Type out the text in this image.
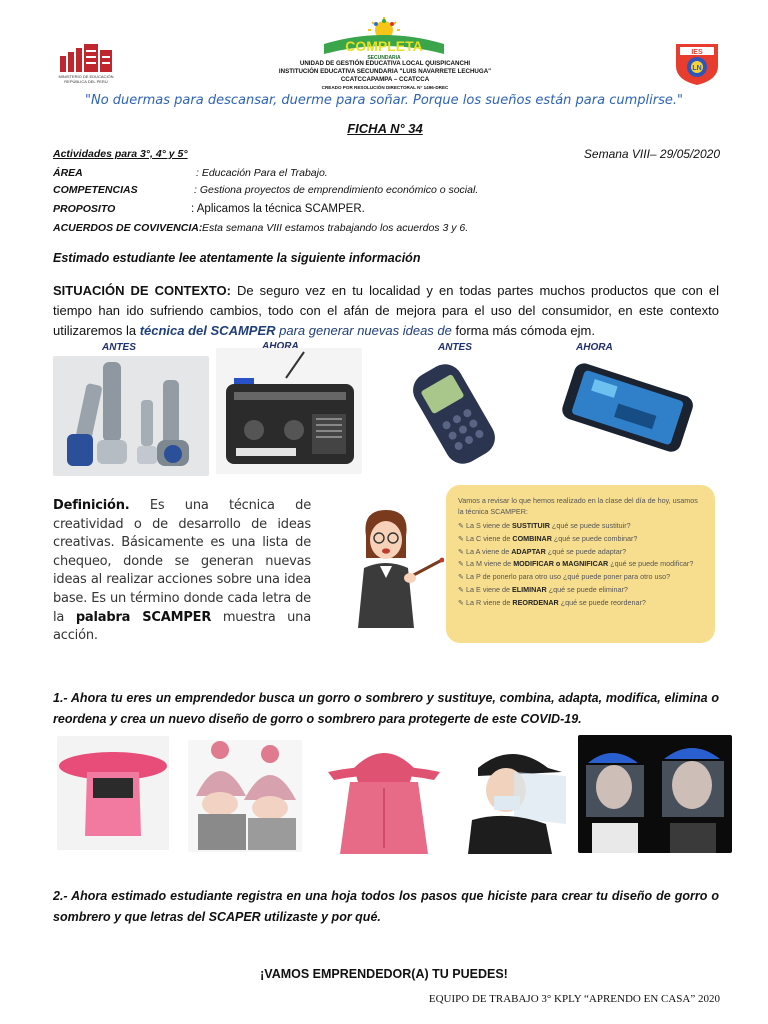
MINISTERIO DE EDUCACIÓN REPÚBLICA DEL PERÚ
COMPLETA
SECUNDARIA
IES
LN
UNIDAD DE GESTIÓN EDUCATIVA LOCAL QUISPICANCHI
INSTITUCIÓN EDUCATIVA SECUNDARIA "LUIS NAVARRETE LECHUGA"
CCATCCAPAMPA – CCATCCA
CREADO POR RESOLUCIÓN DIRECTORAL N° 1496-DREC
"No duermas para descansar, duerme para soñar. Porque los sueños están para cumplirse."
FICHA N° 34
Actividades para 3°, 4° y 5°	Semana VIII– 29/05/2020
ÁREA	: Educación Para el Trabajo.
COMPETENCIAS	: Gestiona proyectos de emprendimiento económico o social.
PROPOSITO	: Aplicamos la técnica SCAMPER.
ACUERDOS DE COVIVENCIA: Esta semana VIII estamos trabajando los acuerdos 3 y 6.
Estimado estudiante lee atentamente la siguiente información
SITUACIÓN DE CONTEXTO: De seguro vez en tu localidad y en todas partes muchos productos que con el tiempo han ido sufriendo cambios, todo con el afán de mejora para el uso del consumidor, en este contexto utilizaremos la técnica del SCAMPER para generar nuevas ideas de forma más cómoda ejm.
ANTES	AHORA	ANTES	AHORA
Definición. Es una técnica de creatividad o de desarrollo de ideas creativas. Básicamente es una lista de chequeo, donde se generan nuevas ideas al realizar acciones sobre una idea base. Es un término donde cada letra de la palabra SCAMPER muestra una acción.
Vamos a revisar lo que hemos realizado en la clase del día de hoy, usamos la técnica SCAMPER:
✎ La S viene de SUSTITUIR ¿qué se puede sustituir?
✎ La C viene de COMBINAR ¿qué se puede combinar?
✎ La A viene de ADAPTAR ¿qué se puede adaptar?
✎ La M viene de MODIFICAR o MAGNIFICAR ¿qué se puede modificar?
✎ La P de ponerlo para otro uso ¿qué puede poner para otro uso?
✎ La E viene de ELIMINAR ¿qué se puede eliminar?
✎ La R viene de REORDENAR ¿qué se puede reordenar?
1.- Ahora tu eres un emprendedor busca un gorro o sombrero y sustituye, combina, adapta, modifica, elimina o reordena y crea un nuevo diseño de gorro o sombrero para protegerte de este COVID-19.
2.- Ahora estimado estudiante registra en una hoja todos los pasos que hiciste para crear tu diseño de gorro o sombrero y que letras del SCAPER utilizaste y por qué.
¡VAMOS EMPRENDEDOR(A) TU PUEDES!
EQUIPO DE TRABAJO 3° KPLY “APRENDO EN CASA” 2020
